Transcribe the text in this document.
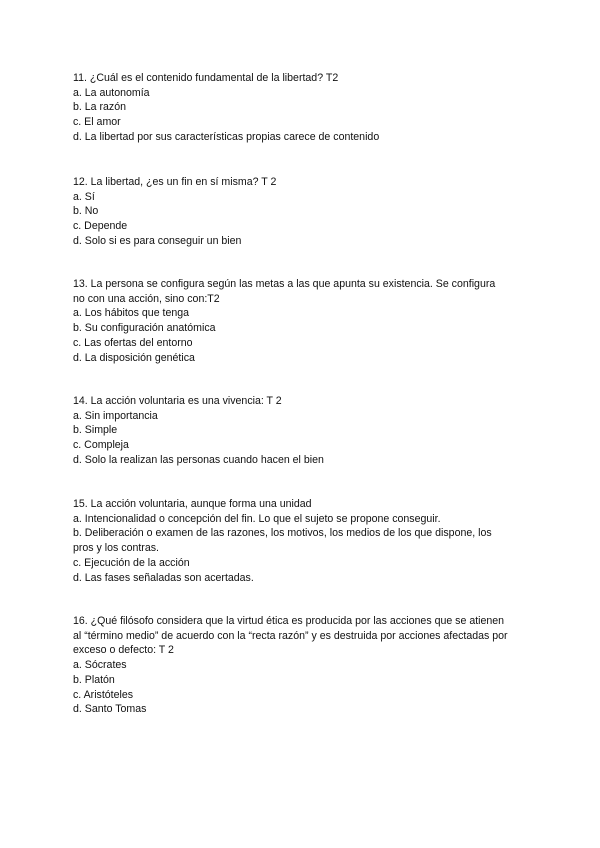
11. ¿Cuál es el contenido fundamental de la libertad? T2

a. La autonomía

b. La razón

c. El amor

d. La libertad por sus características propias carece de contenido

12. La libertad, ¿es un fin en sí misma? T 2

a. Sí

b. No

c. Depende

d. Solo si es para conseguir un bien

13. La persona se configura según las metas a las que apunta su existencia. Se configura

no con una acción, sino con:T2

a. Los hábitos que tenga

b. Su configuración anatómica

c. Las ofertas del entorno

d. La disposición genética

14. La acción voluntaria es una vivencia: T 2

a. Sin importancia

b. Simple

c. Compleja

d. Solo la realizan las personas cuando hacen el bien

15. La acción voluntaria, aunque forma una unidad

a. Intencionalidad o concepción del fin. Lo que el sujeto se propone conseguir.

b. Deliberación o examen de las razones, los motivos, los medios de los que dispone, los

pros y los contras.

c. Ejecución de la acción

d. Las fases señaladas son acertadas.

16. ¿Qué filósofo considera que la virtud ética es producida por las acciones que se atienen

al “término medio” de acuerdo con la “recta razón” y es destruida por acciones afectadas por

exceso o defecto: T 2

a. Sócrates

b. Platón

c. Aristóteles

d. Santo Tomas
